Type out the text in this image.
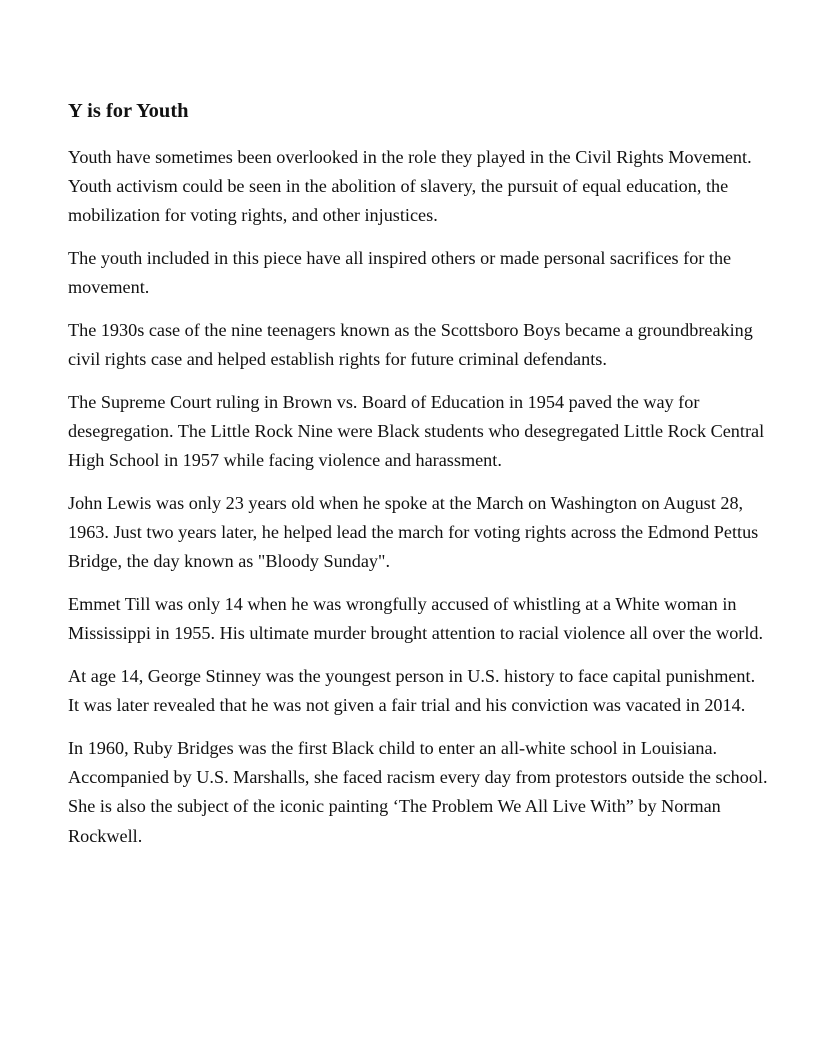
Y is for Youth

Youth have sometimes been overlooked in the role they played in the Civil Rights Movement.    Youth activism could be seen in the abolition of slavery, the pursuit of equal education, the mobilization for voting rights, and other injustices.

The youth included in this piece have all inspired others or made personal sacrifices for the movement.

The 1930s case of the nine teenagers known as the Scottsboro Boys became a groundbreaking civil rights case and helped establish rights for future criminal defendants.

The Supreme Court ruling in Brown vs. Board of Education in 1954 paved the way for desegregation. The Little Rock Nine were Black students who desegregated Little Rock Central High School in 1957 while facing violence and harassment.

John Lewis was only 23 years old when he spoke at the March on Washington on August 28, 1963. Just two years later, he helped lead the march for voting rights across the Edmond Pettus Bridge, the day known as "Bloody Sunday".

Emmet Till was only 14 when he was wrongfully accused of whistling at a White woman in Mississippi in 1955. His ultimate murder brought attention to racial violence all over the world.

At age 14, George Stinney was the youngest person in U.S. history to face capital punishment. It was later revealed that he was not given a fair trial and his conviction was vacated in 2014.

In 1960, Ruby Bridges was the first Black child to enter an all-white school in Louisiana. Accompanied by U.S. Marshalls, she faced racism every day from protestors outside the school. She is also the subject of the iconic painting ‘The Problem We All Live With” by Norman Rockwell.
